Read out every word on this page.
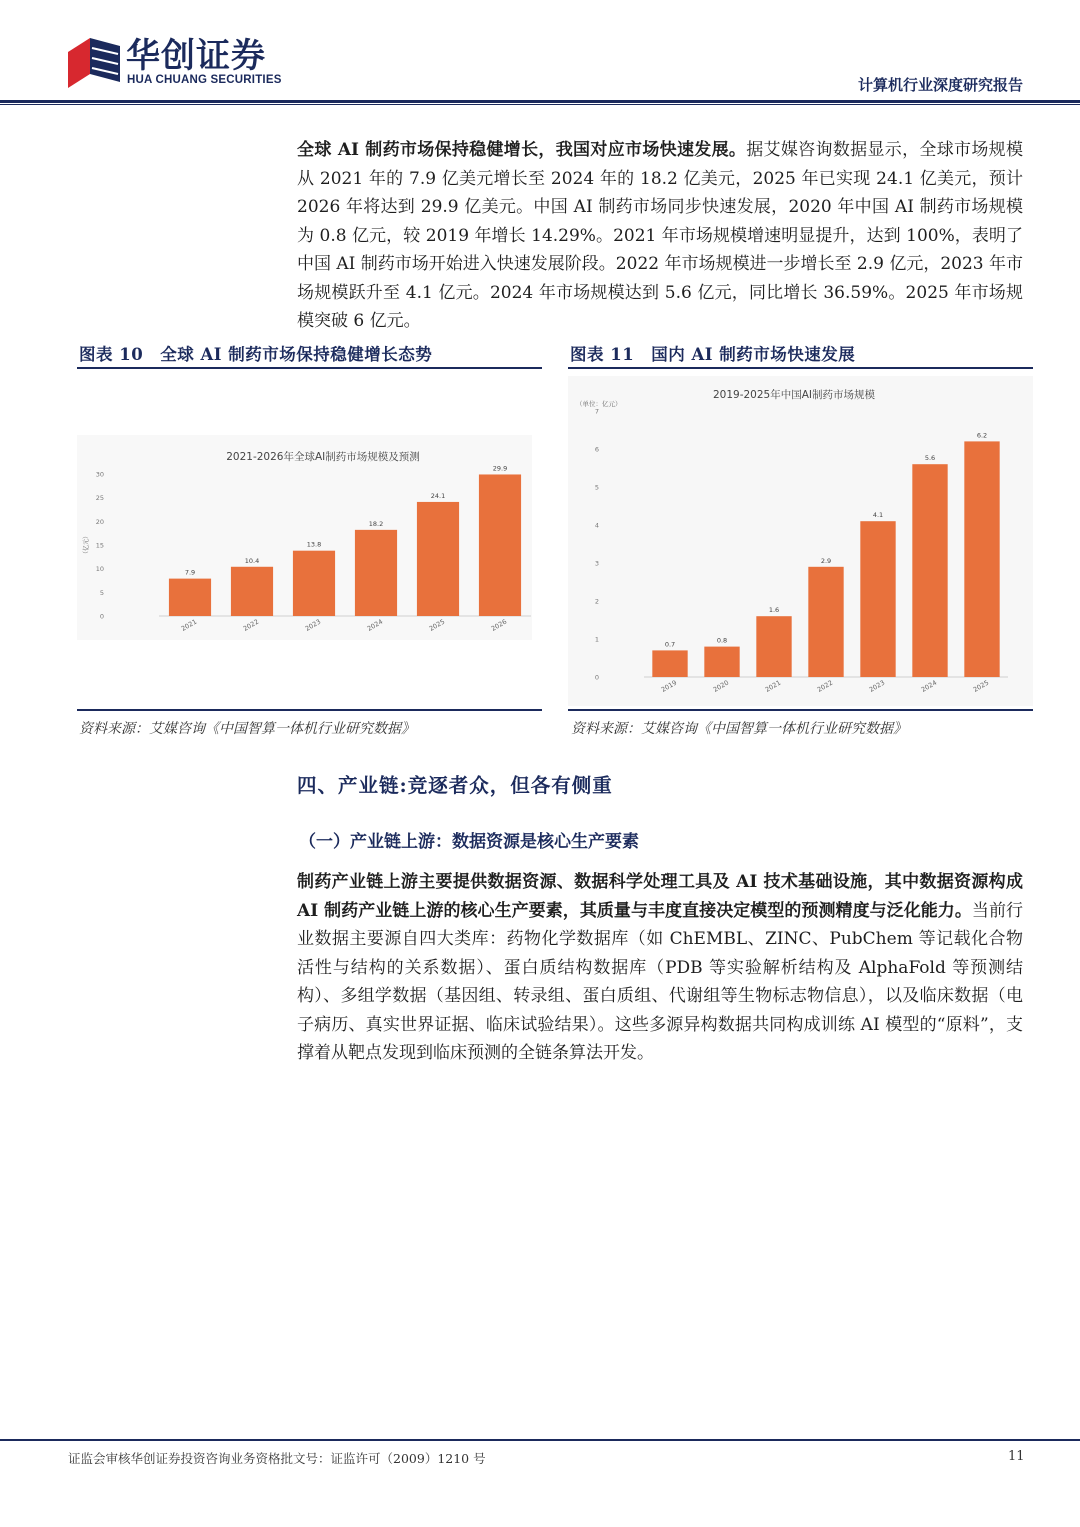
华创证券
HUA CHUANG SECURITIES	计算机行业深度研究报告
全球 AI 制药市场保持稳健增长，我国对应市场快速发展。据艾媒咨询数据显示，全球市场规模从 2021 年的 7.9 亿美元增长至 2024 年的 18.2 亿美元，2025 年已实现 24.1 亿美元，预计 2026 年将达到 29.9 亿美元。中国 AI 制药市场同步快速发展，2020 年中国 AI 制药市场规模为 0.8 亿元，较 2019 年增长 14.29%。2021 年市场规模增速明显提升，达到 100%，表明了中国 AI 制药市场开始进入快速发展阶段。2022 年市场规模进一步增长至 2.9 亿元，2023 年市场规模跃升至 4.1 亿元。2024 年市场规模达到 5.6 亿元，同比增长 36.59%。2025 年市场规模突破 6 亿元。
图表 10　全球 AI 制药市场保持稳健增长态势	图表 11　国内 AI 制药市场快速发展
2021-2026年全球AI制药市场规模及预测
（亿元）
0
5
10
15
20
25
30
7.9
2021
10.4
2022
13.8
2023
18.2
2024
24.1
2025
29.9
2026
2019-2025年中国AI制药市场规模
（单位：亿元）
0
1
2
3
4
5
6
7
0.7
2019
0.8
2020
1.6
2021
2.9
2022
4.1
2023
5.6
2024
6.2
2025
资料来源：艾媒咨询《中国智算一体机行业研究数据》	资料来源：艾媒咨询《中国智算一体机行业研究数据》
四、产业链:竞逐者众，但各有侧重
（一）产业链上游：数据资源是核心生产要素
制药产业链上游主要提供数据资源、数据科学处理工具及 AI 技术基础设施，其中数据资源构成 AI 制药产业链上游的核心生产要素，其质量与丰度直接决定模型的预测精度与泛化能力。当前行业数据主要源自四大类库：药物化学数据库（如 ChEMBL、ZINC、PubChem 等记载化合物活性与结构的关系数据）、蛋白质结构数据库（PDB 等实验解析结构及 AlphaFold 等预测结构）、多组学数据（基因组、转录组、蛋白质组、代谢组等生物标志物信息），以及临床数据（电子病历、真实世界证据、临床试验结果）。这些多源异构数据共同构成训练 AI 模型的“原料”，支撑着从靶点发现到临床预测的全链条算法开发。
证监会审核华创证券投资咨询业务资格批文号：证监许可（2009）1210 号	11
